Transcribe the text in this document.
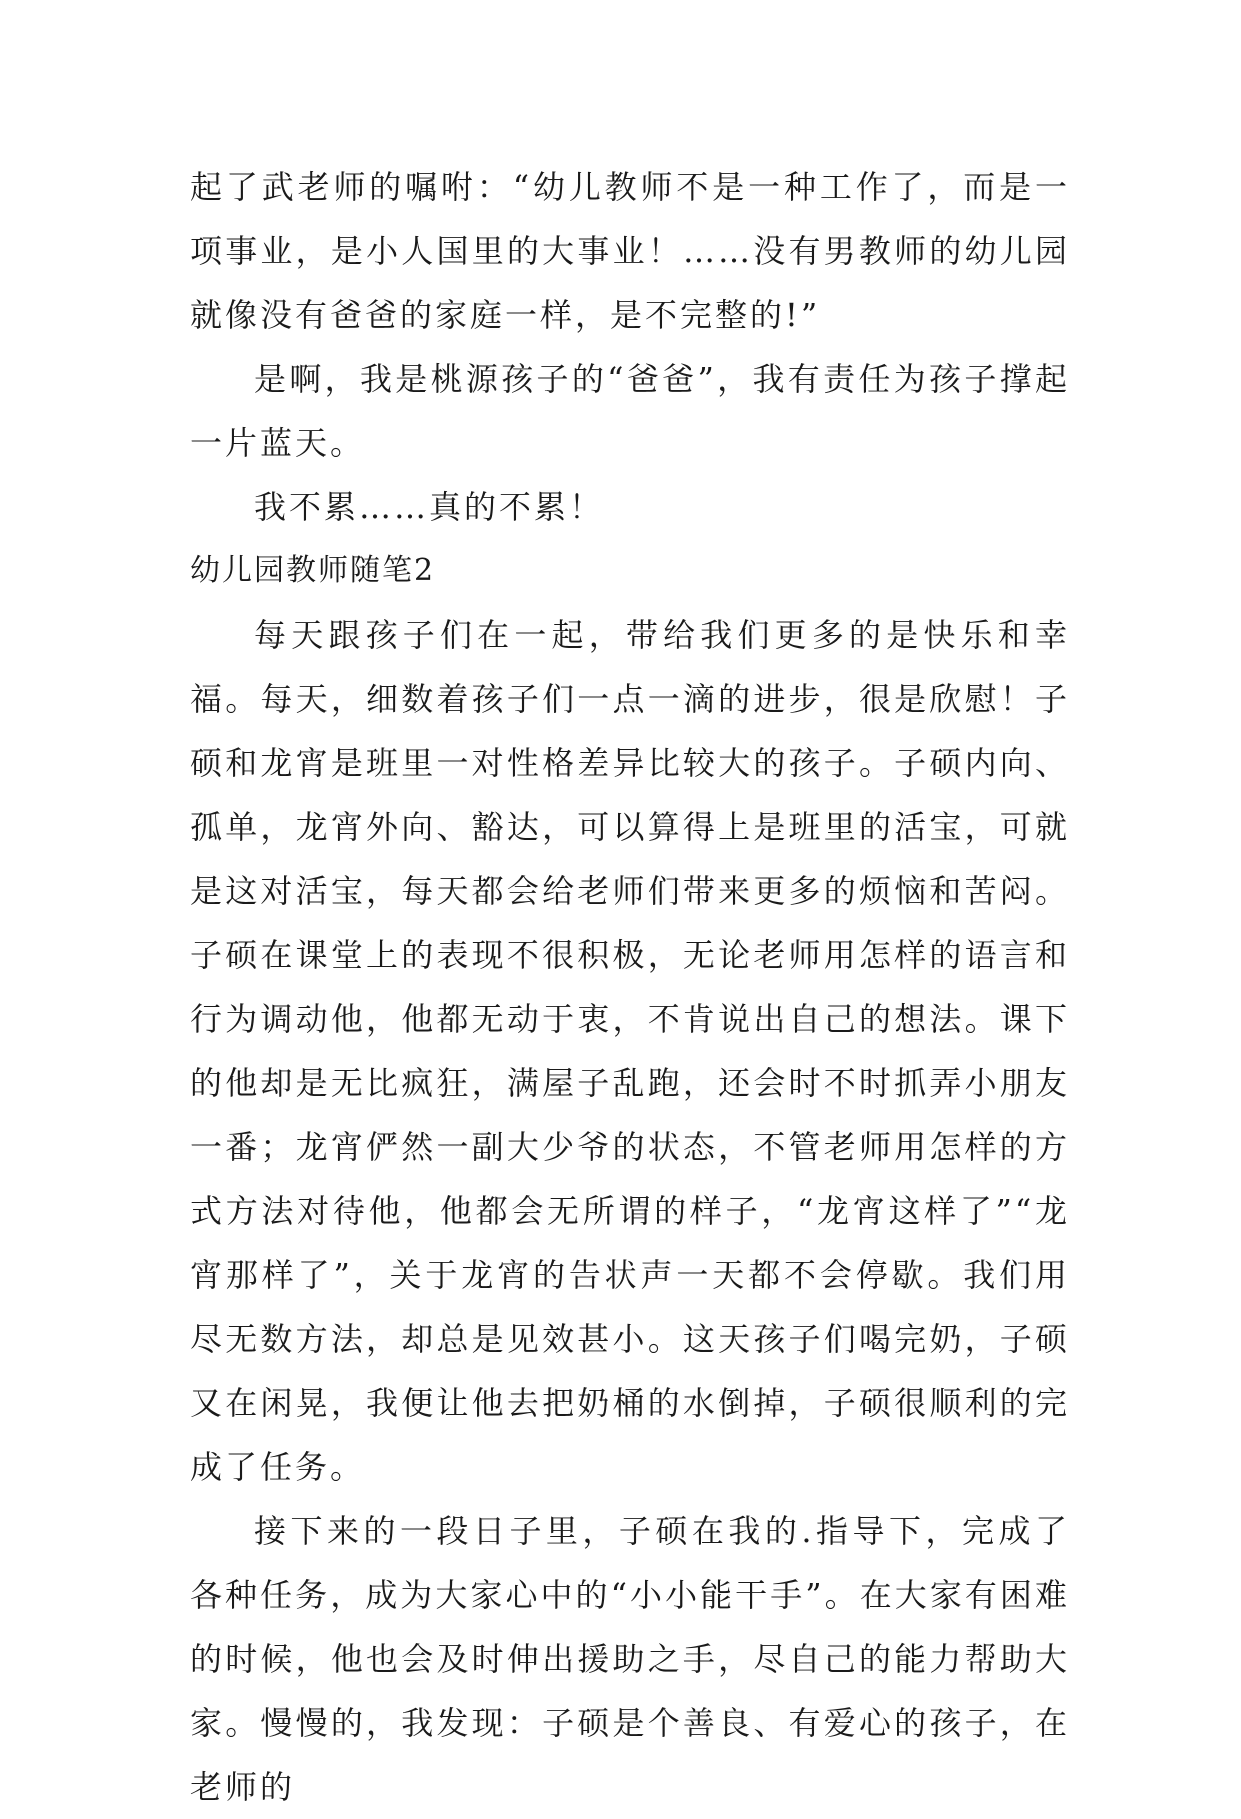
起了武老师的嘱咐：“幼儿教师不是一种工作了，而是一项事业，是小人国里的大事业！……没有男教师的幼儿园就像没有爸爸的家庭一样，是不完整的!”

是啊，我是桃源孩子的“爸爸”，我有责任为孩子撑起一片蓝天。

我不累……真的不累！

幼儿园教师随笔2

每天跟孩子们在一起，带给我们更多的是快乐和幸福。每天，细数着孩子们一点一滴的进步，很是欣慰！子硕和龙宵是班里一对性格差异比较大的孩子。子硕内向、孤单，龙宵外向、豁达，可以算得上是班里的活宝，可就是这对活宝，每天都会给老师们带来更多的烦恼和苦闷。子硕在课堂上的表现不很积极，无论老师用怎样的语言和行为调动他，他都无动于衷，不肯说出自己的想法。课下的他却是无比疯狂，满屋子乱跑，还会时不时抓弄小朋友一番；龙宵俨然一副大少爷的状态，不管老师用怎样的方式方法对待他，他都会无所谓的样子，“龙宵这样了”“龙宵那样了”，关于龙宵的告状声一天都不会停歇。我们用尽无数方法，却总是见效甚小。这天孩子们喝完奶，子硕又在闲晃，我便让他去把奶桶的水倒掉，子硕很顺利的完成了任务。

接下来的一段日子里，子硕在我的.指导下，完成了各种任务，成为大家心中的“小小能干手”。在大家有困难的时候，他也会及时伸出援助之手，尽自己的能力帮助大家。慢慢的，我发现：子硕是个善良、有爱心的孩子，在老师的
